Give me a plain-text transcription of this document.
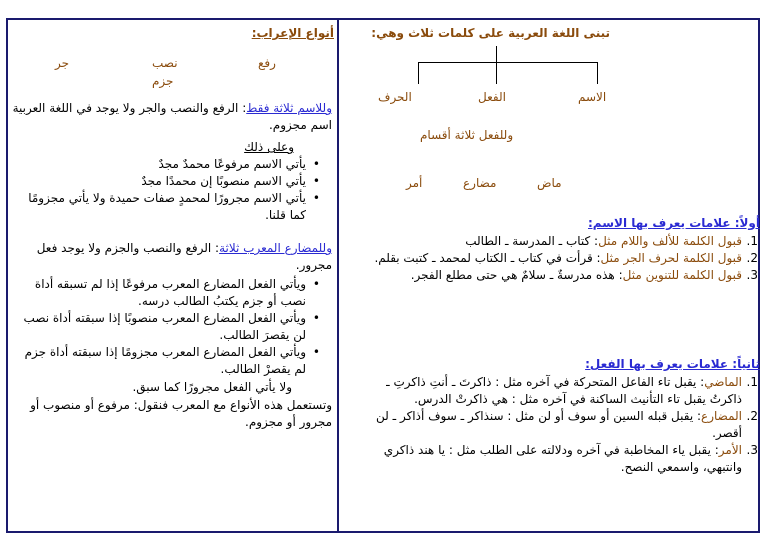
تبنى اللغة العربية على كلمات ثلاث وهي:
الاسم
الفعل
الحرف
وللفعل ثلاثة أقسام
ماض
مضارع
أمر
أولاً: علامات يعرف بها الاسم:
1.
قبول الكلمة للألف واللام مثل: كتاب ـ المدرسة ـ الطالب
2.
قبول الكلمة لحرف الجر مثل: قرأت في كتاب ـ الكتاب لمحمد ـ كتبت بقلم.
3.
قبول الكلمة للتنوين مثل: هذه مدرسةٌ ـ سلامٌ هي حتى مطلع الفجر.
ثانياً: علامات يعرف بها الفعل:
1.
الماضي: يقبل تاء الفاعل المتحركة في آخره مثل : ذاكرتَ ـ أنتِ ذاكرتِ ـ ذاكرتُ يقبل تاء التأنيث الساكنة في آخره مثل : هي ذاكرتْ الدرس.
2.
المضارع: يقبل قبله السين أو سوف أو لن مثل : سنذاكر ـ سوف أذاكر ـ لن أقصر.
3.
الأمر: يقبل ياء المخاطبة في آخره ودلالته على الطلب مثل : يا هند ذاكري وانتبهي، واسمعي النصح.
أنواع الإعراب:
رفع
نصب
جر
جزم
وللاسم ثلاثة فقط: الرفع والنصب والجر ولا يوجد في اللغة العربية اسم مجزوم.
وعلى ذلك
•
يأتي الاسم مرفوعًا محمدٌ مجدٌ
•
يأتي الاسم منصوبًا إن محمدًا مجدٌ
•
يأتي الاسم مجرورًا لمحمدٍ صفات حميدة ولا يأتي مجزومًا كما قلنا.
وللمضارع المعرب ثلاثة: الرفع والنصب والجزم ولا يوجد فعل مجرور.
•
ويأتي الفعل المضارع المعرب مرفوعًا إذا لم تسبقه أداة نصب أو جزم يكتبُ الطالب درسه.
•
ويأتي الفعل المضارع المعرب منصوبًا إذا سبقته أداة نصب لن يقصرَ الطالب.
•
ويأتي الفعل المضارع المعرب مجزومًا إذا سبقته أداة جزم لم يقصرْ الطالب.
ولا يأتي الفعل مجرورًا كما سبق.
وتستعمل هذه الأنواع مع المعرب فنقول: مرفوع أو منصوب أو مجرور أو مجزوم.
